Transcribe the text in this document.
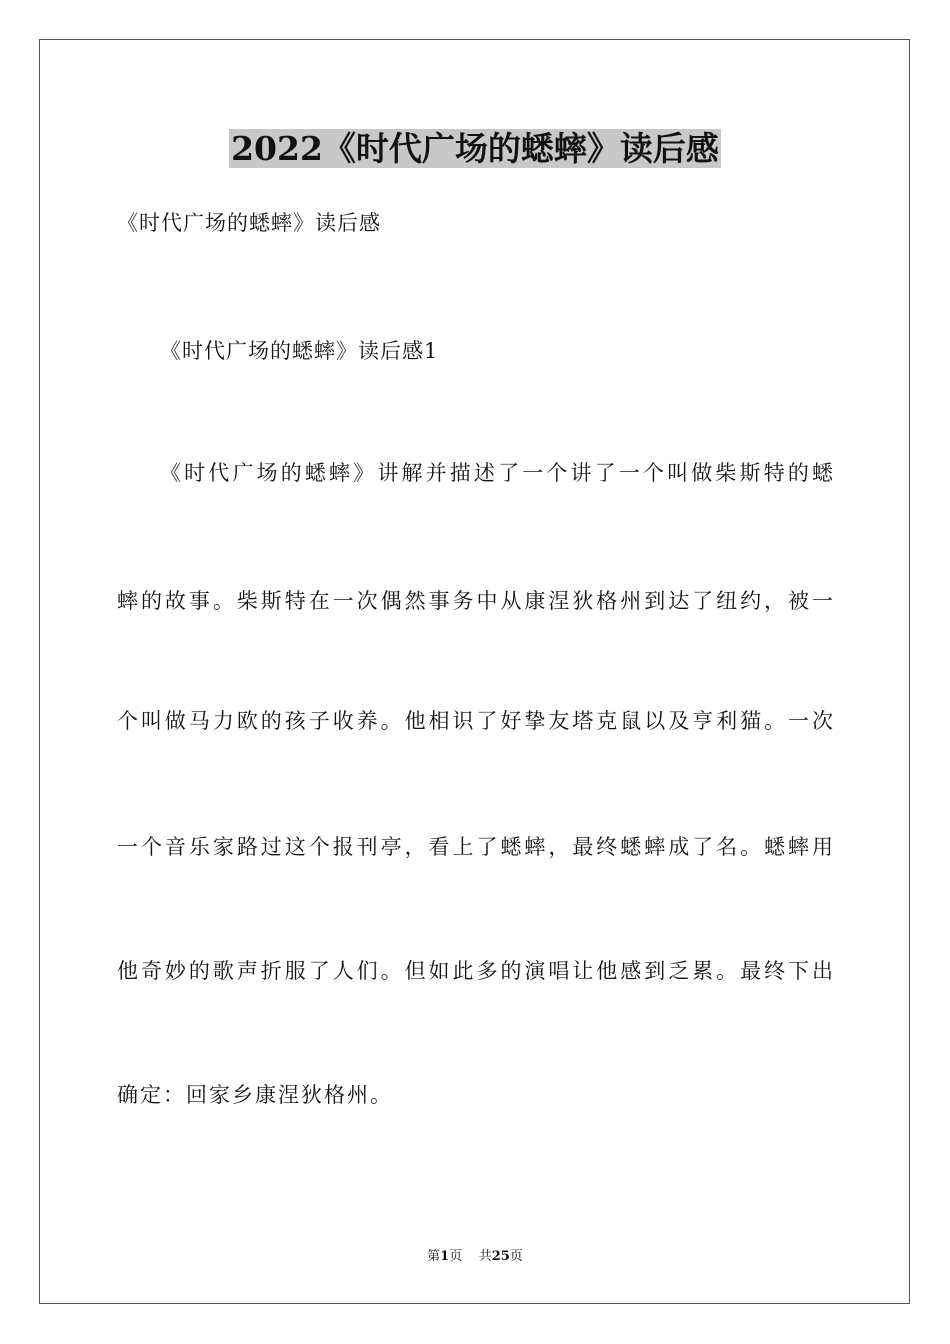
2022《时代广场的蟋蟀》读后感
《时代广场的蟋蟀》读后感
《时代广场的蟋蟀》读后感1
《时代广场的蟋蟀》讲解并描述了一个讲了一个叫做柴斯特的蟋
蟀的故事。柴斯特在一次偶然事务中从康涅狄格州到达了纽约，被一
个叫做马力欧的孩子收养。他相识了好挚友塔克鼠以及亨利猫。一次
一个音乐家路过这个报刊亭，看上了蟋蟀，最终蟋蟀成了名。蟋蟀用
他奇妙的歌声折服了人们。但如此多的演唱让他感到乏累。最终下出
确定：回家乡康涅狄格州。
第1页 共25页
